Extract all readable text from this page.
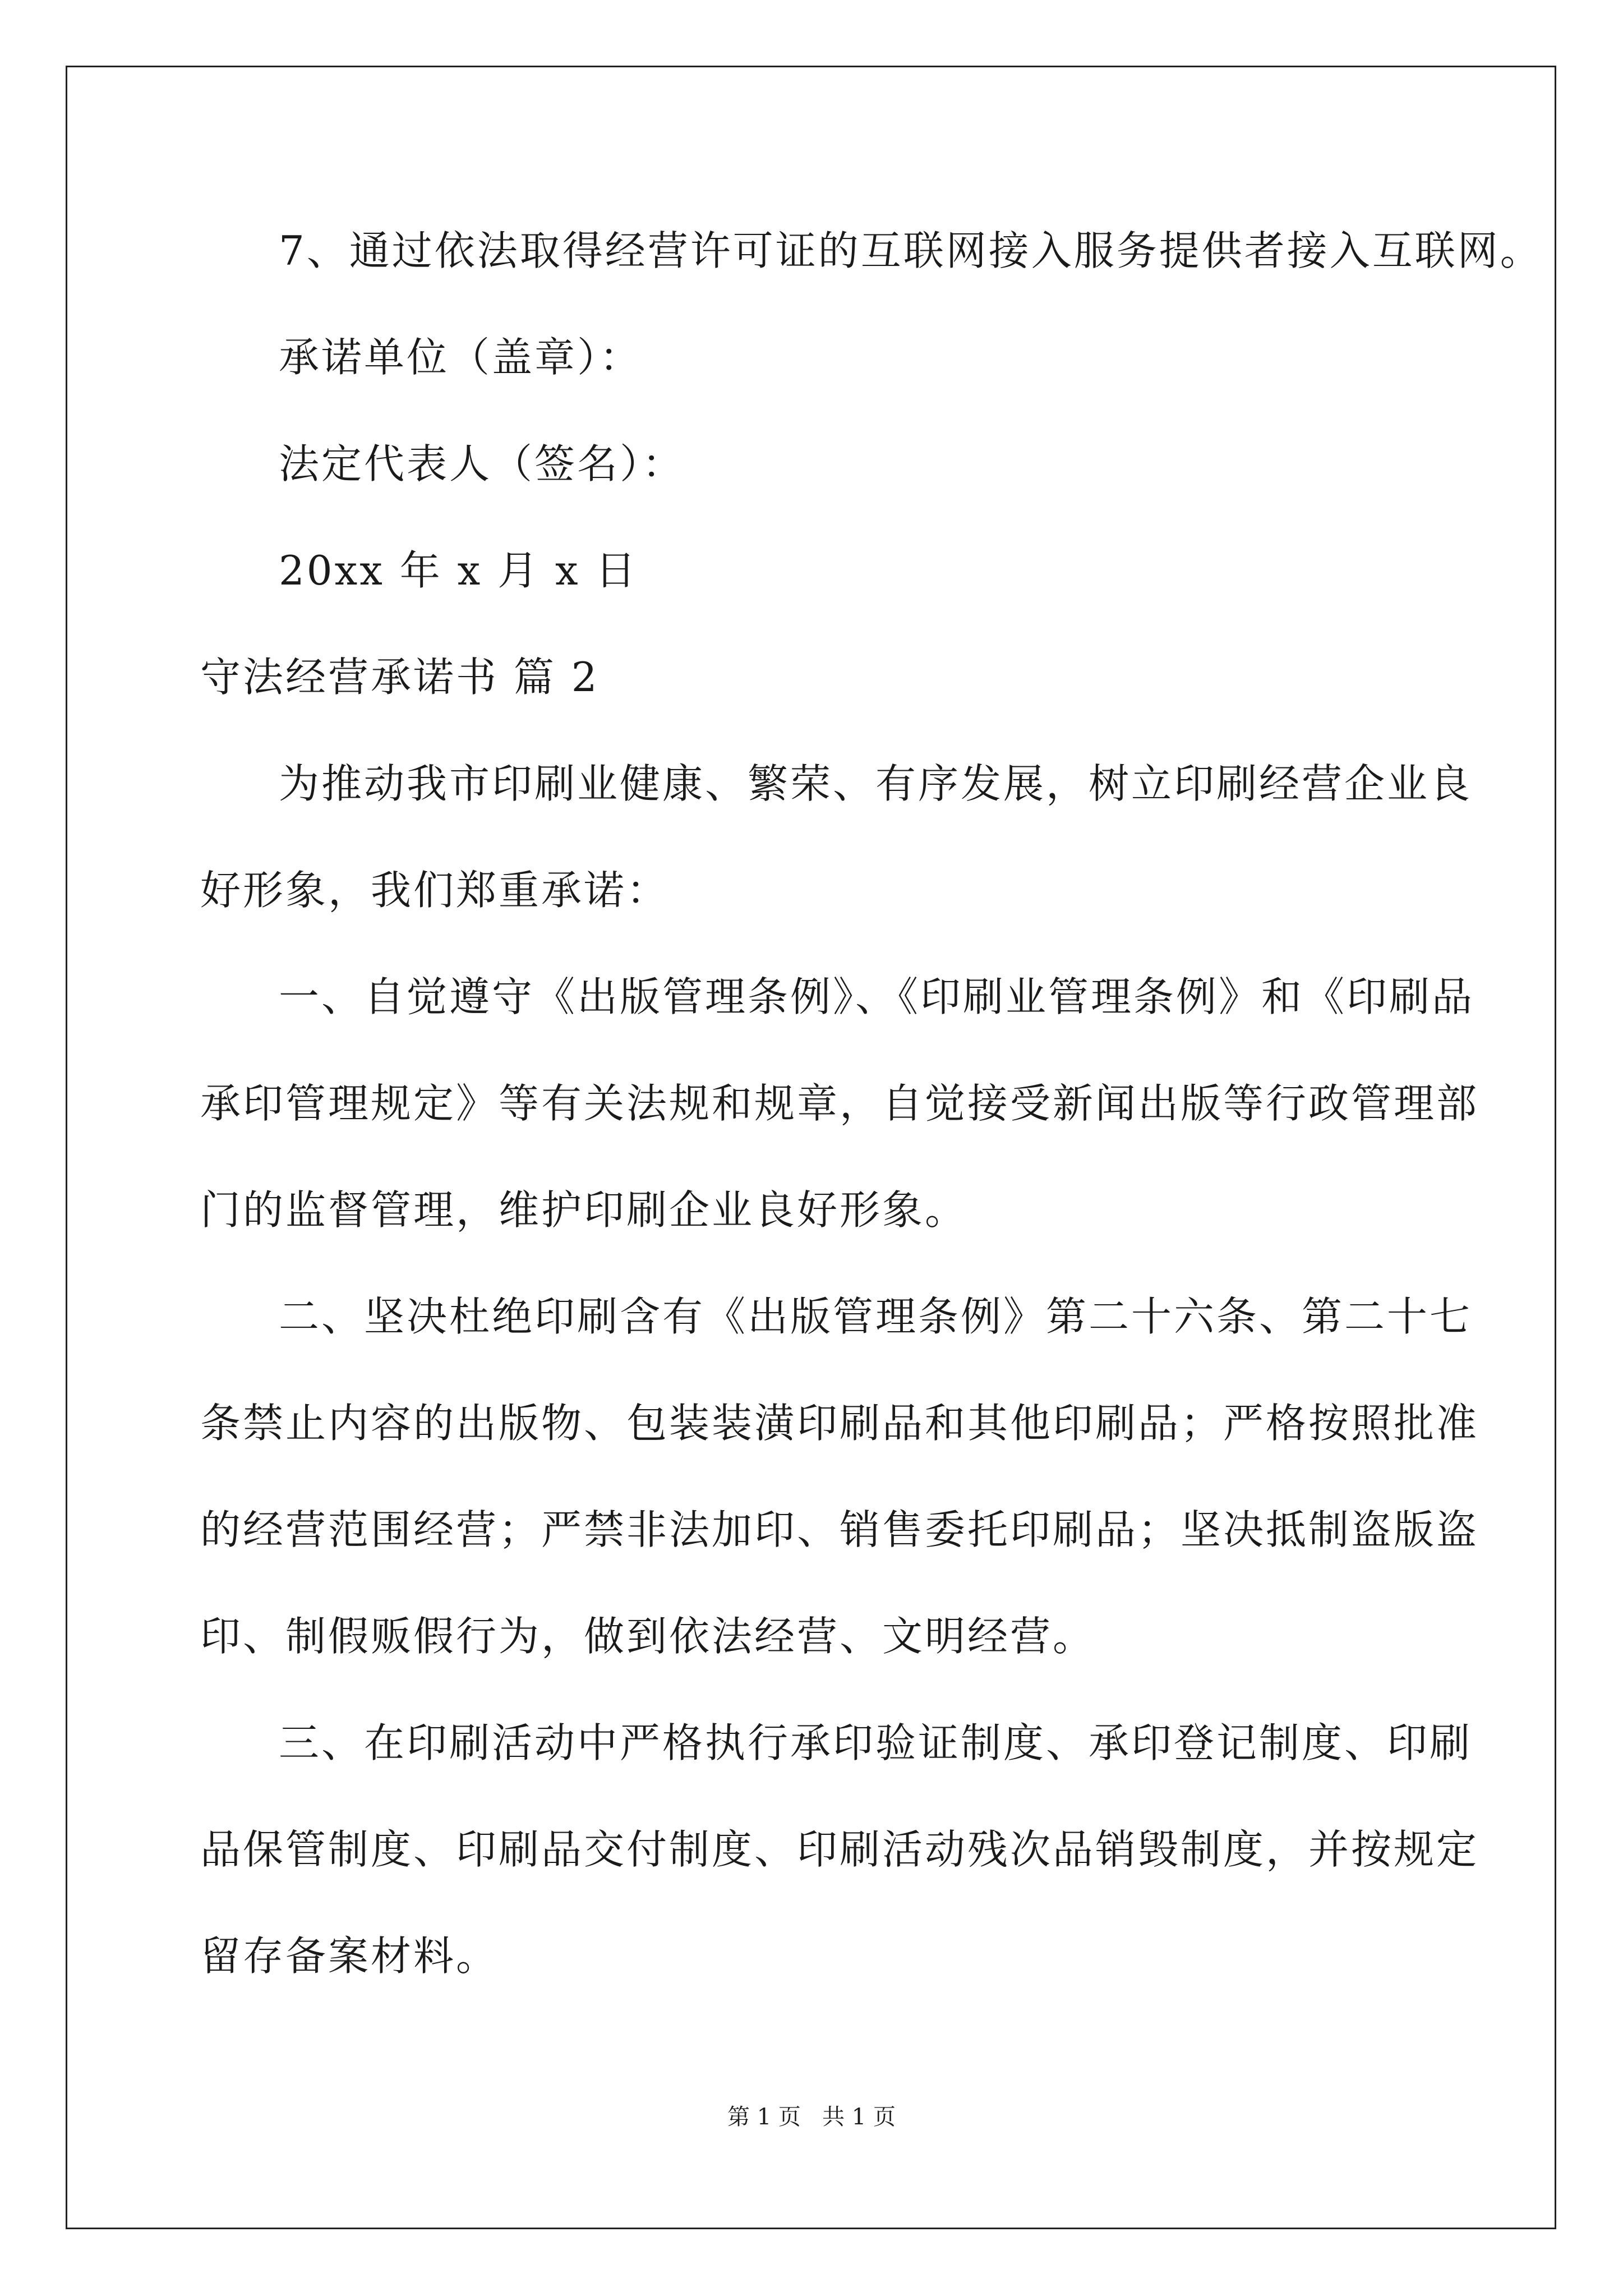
7、通过依法取得经营许可证的互联网接入服务提供者接入互联网。
承诺单位（盖章）：
法定代表人（签名）：
20xx 年 x 月 x 日
守法经营承诺书 篇 2
为推动我市印刷业健康、繁荣、有序发展，树立印刷经营企业良
好形象，我们郑重承诺：
一、自觉遵守《出版管理条例》、《印刷业管理条例》和《印刷品
承印管理规定》等有关法规和规章，自觉接受新闻出版等行政管理部
门的监督管理，维护印刷企业良好形象。
二、坚决杜绝印刷含有《出版管理条例》第二十六条、第二十七
条禁止内容的出版物、包装装潢印刷品和其他印刷品；严格按照批准
的经营范围经营；严禁非法加印、销售委托印刷品；坚决抵制盗版盗
印、制假贩假行为，做到依法经营、文明经营。
三、在印刷活动中严格执行承印验证制度、承印登记制度、印刷
品保管制度、印刷品交付制度、印刷活动残次品销毁制度，并按规定
留存备案材料。
第 1 页   共 1 页
